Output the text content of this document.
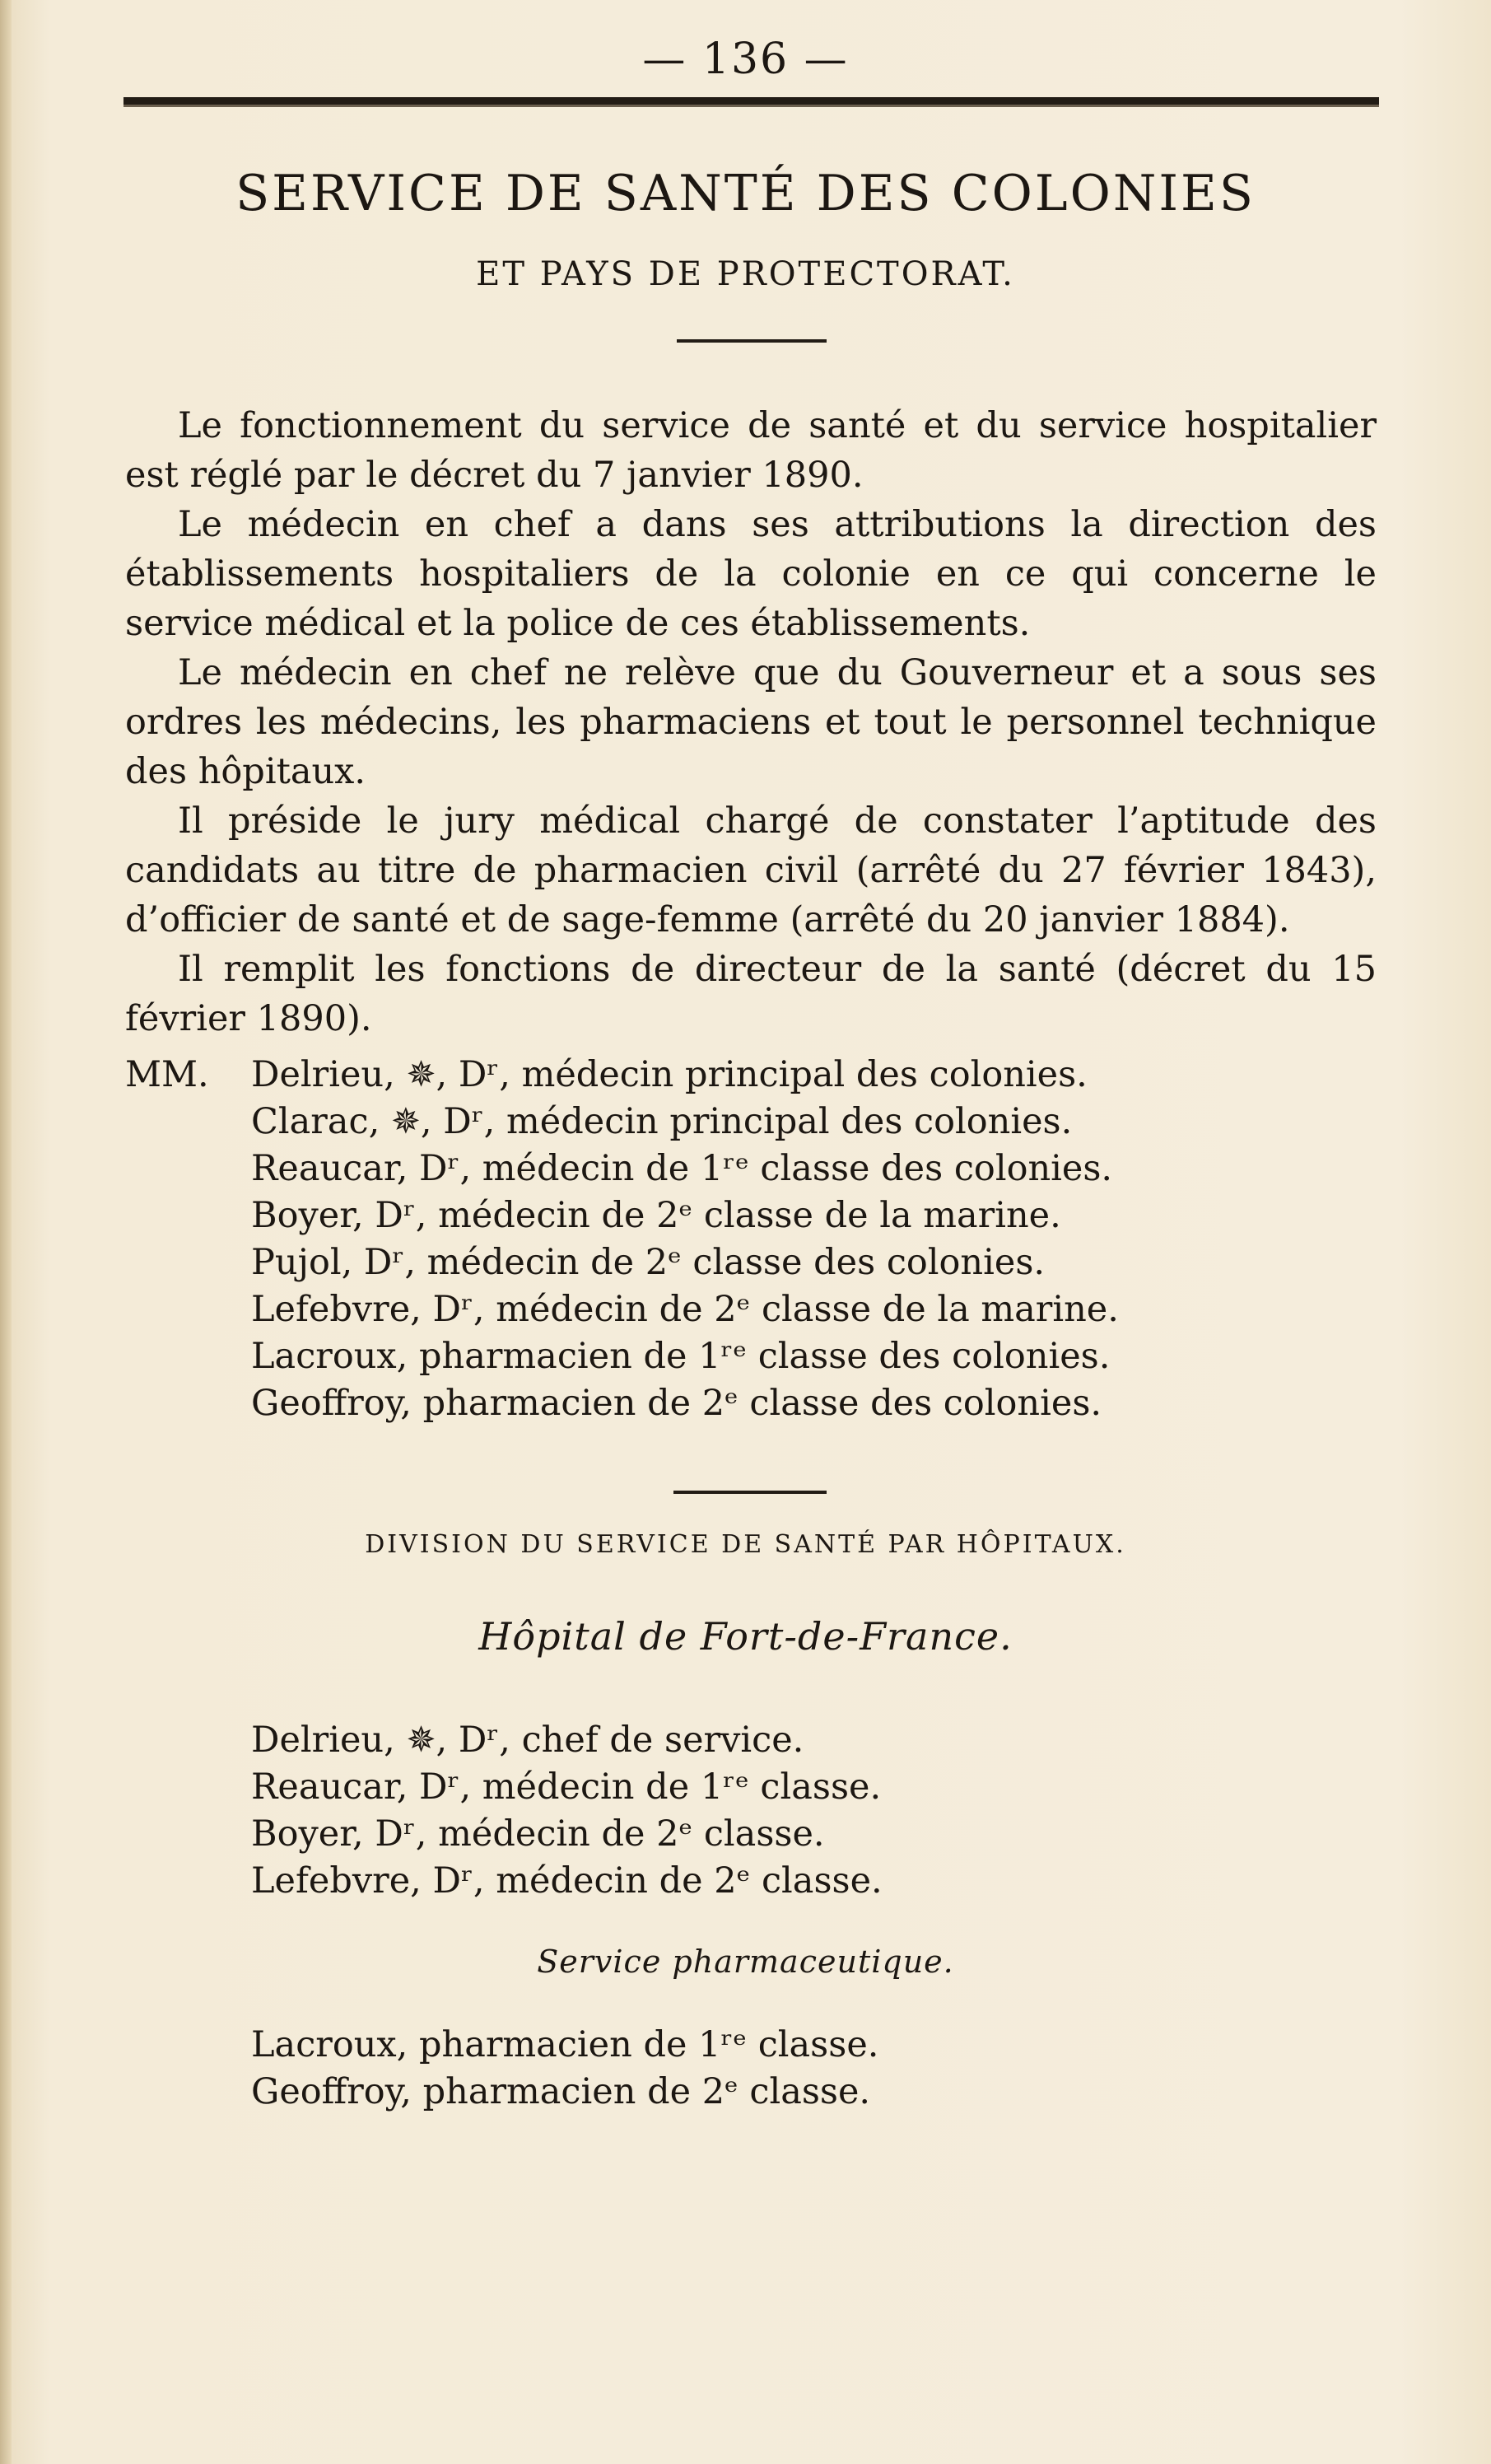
— 136 —
SERVICE DE SANTÉ DES COLONIES
ET PAYS DE PROTECTORAT.

Le fonctionnement du service de santé et du service hospitalier est réglé par le décret du 7 janvier 1890.

Le médecin en chef a dans ses attributions la direction des établissements hospitaliers de la colonie en ce qui concerne le service médical et la police de ces établissements.

Le médecin en chef ne relève que du Gouverneur et a sous ses ordres les médecins, les pharmaciens et tout le personnel technique des hôpitaux.

Il préside le jury médical chargé de constater l’aptitude des candidats au titre de pharmacien civil (arrêté du 27 février 1843), d’officier de santé et de sage-femme (arrêté du 20 janvier 1884).

Il remplit les fonctions de directeur de la santé (décret du 15 février 1890).

MM. Delrieu, ✵, Dʳ, médecin principal des colonies.
Clarac, ✵, Dʳ, médecin principal des colonies.
Reaucar, Dʳ, médecin de 1ʳᵉ classe des colonies.
Boyer, Dʳ, médecin de 2ᵉ classe de la marine.
Pujol, Dʳ, médecin de 2ᵉ classe des colonies.
Lefebvre, Dʳ, médecin de 2ᵉ classe de la marine.
Lacroux, pharmacien de 1ʳᵉ classe des colonies.
Geoffroy, pharmacien de 2ᵉ classe des colonies.
DIVISION DU SERVICE DE SANTÉ PAR HÔPITAUX.
Hôpital de Fort-de-France.
Delrieu, ✵, Dʳ, chef de service.
Reaucar, Dʳ, médecin de 1ʳᵉ classe.
Boyer, Dʳ, médecin de 2ᵉ classe.
Lefebvre, Dʳ, médecin de 2ᵉ classe.
Service pharmaceutique.
Lacroux, pharmacien de 1ʳᵉ classe.
Geoffroy, pharmacien de 2ᵉ classe.
